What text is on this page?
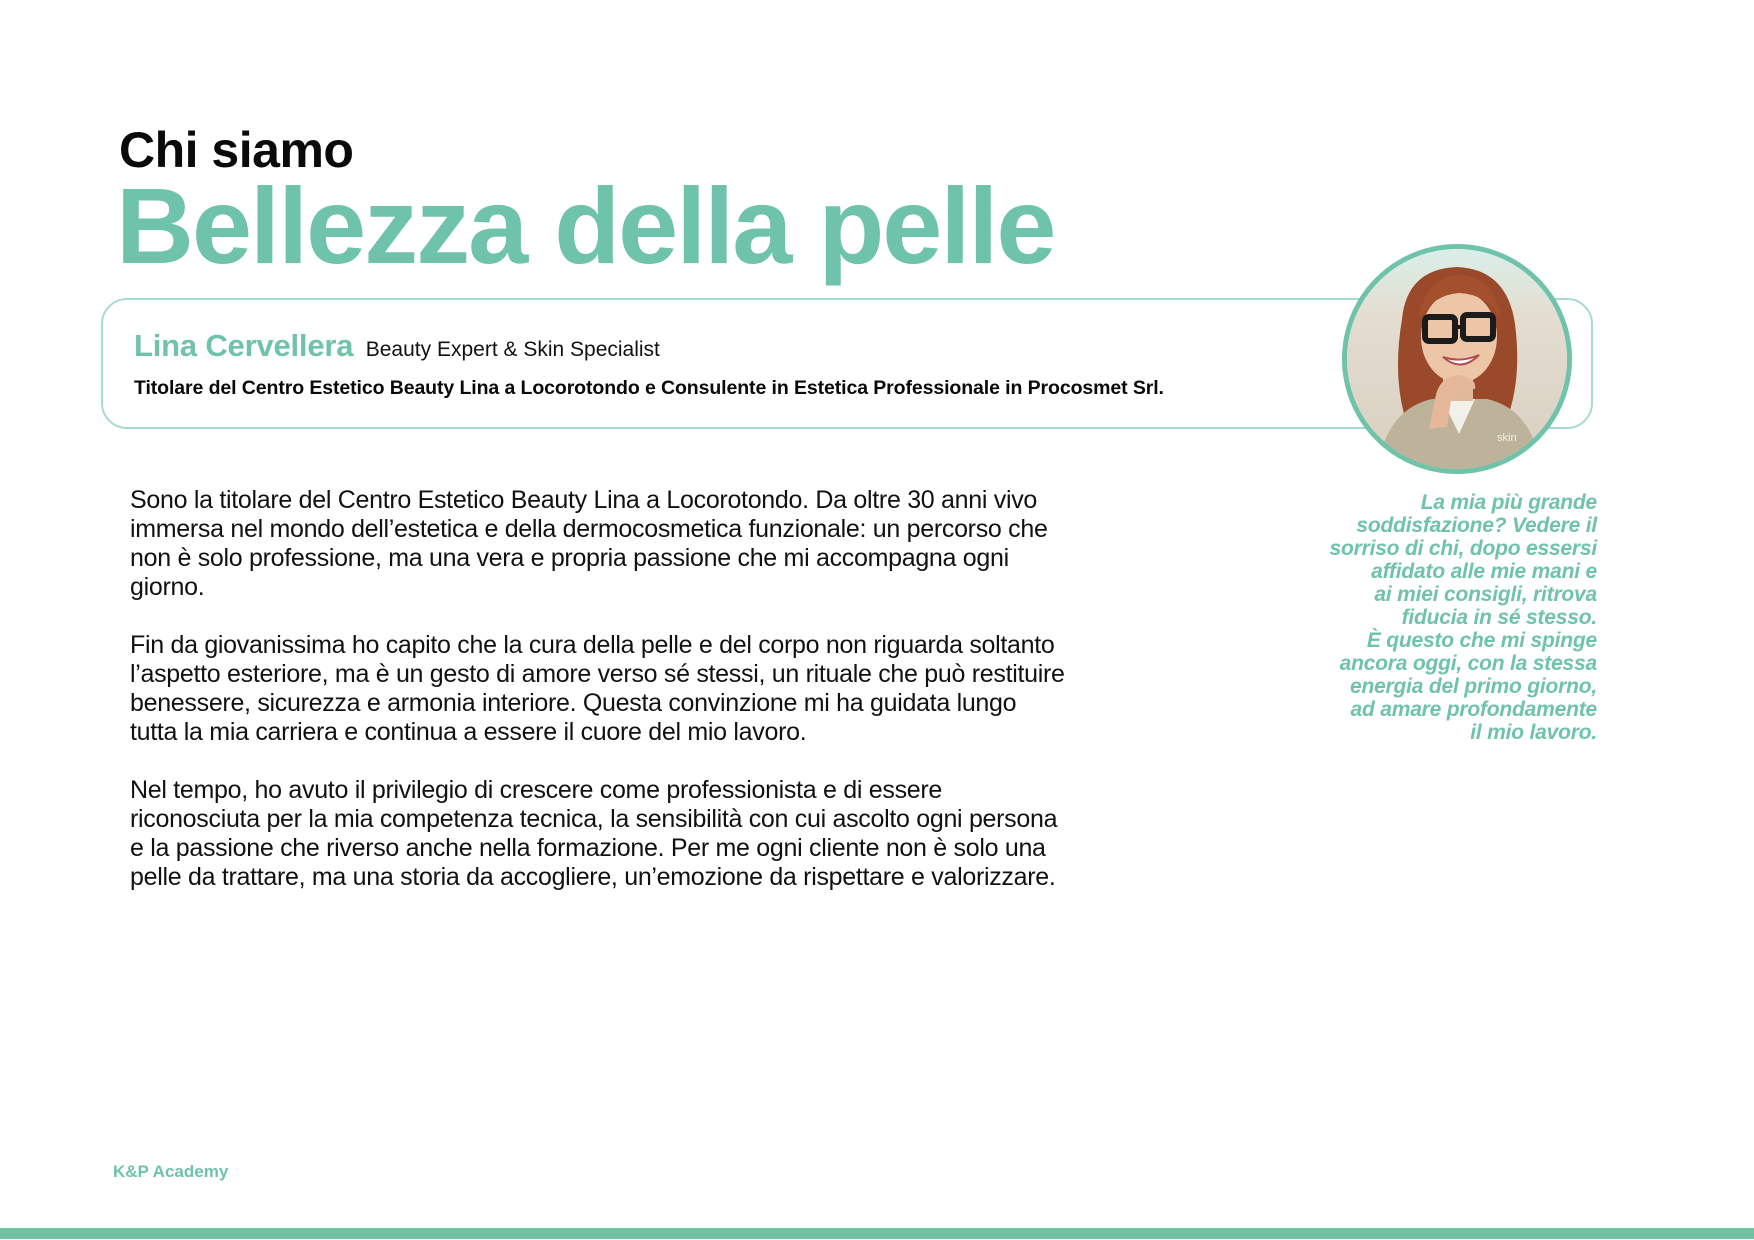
Chi siamo
Bellezza della pelle
Lina Cervellera Beauty Expert & Skin Specialist
Titolare del Centro Estetico Beauty Lina a Locorotondo e Consulente in Estetica Professionale in Procosmet Srl.
skin

Sono la titolare del Centro Estetico Beauty Lina a Locorotondo. Da oltre 30 anni vivo immersa nel mondo dell’estetica e della dermocosmetica funzionale: un percorso che non è solo professione, ma una vera e propria passione che mi accompagna ogni giorno.

Fin da giovanissima ho capito che la cura della pelle e del corpo non riguarda soltanto l’aspetto esteriore, ma è un gesto di amore verso sé stessi, un rituale che può restituire benessere, sicurezza e armonia interiore. Questa convinzione mi ha guidata lungo tutta la mia carriera e continua a essere il cuore del mio lavoro.

Nel tempo, ho avuto il privilegio di crescere come professionista e di essere riconosciuta per la mia competenza tecnica, la sensibilità con cui ascolto ogni persona e la passione che riverso anche nella formazione. Per me ogni cliente non è solo una pelle da trattare, ma una storia da accogliere, un’emozione da rispettare e valorizzare.

La mia più grande
soddisfazione? Vedere il
sorriso di chi, dopo essersi
affidato alle mie mani e
ai miei consigli, ritrova
fiducia in sé stesso.
È questo che mi spinge
ancora oggi, con la stessa
energia del primo giorno,
ad amare profondamente
il mio lavoro.
K&P Academy
